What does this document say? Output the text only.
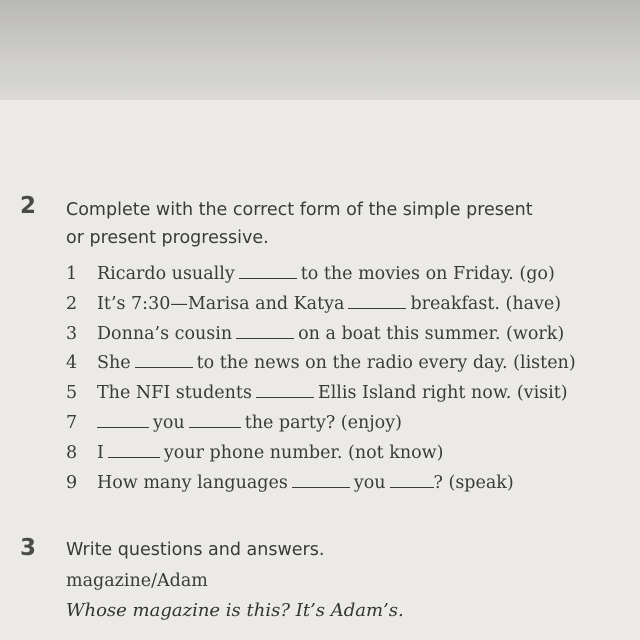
2 Complete with the correct form of the simple present
or present progressive.
1 Ricardo usually	to the movies on Friday. (go)
2 It’s 7:30—Marisa and Katya	breakfast. (have)
3 Donna’s cousin	on a boat this summer. (work)
4 She	to the news on the radio every day. (listen)
5 The NFI students	Ellis Island right now. (visit)
7	you	the party? (enjoy)
8 I	your phone number. (not know)
9 How many languages	you	? (speak)
3 Write questions and answers.
magazine/Adam
Whose magazine is this? It’s Adam’s.
